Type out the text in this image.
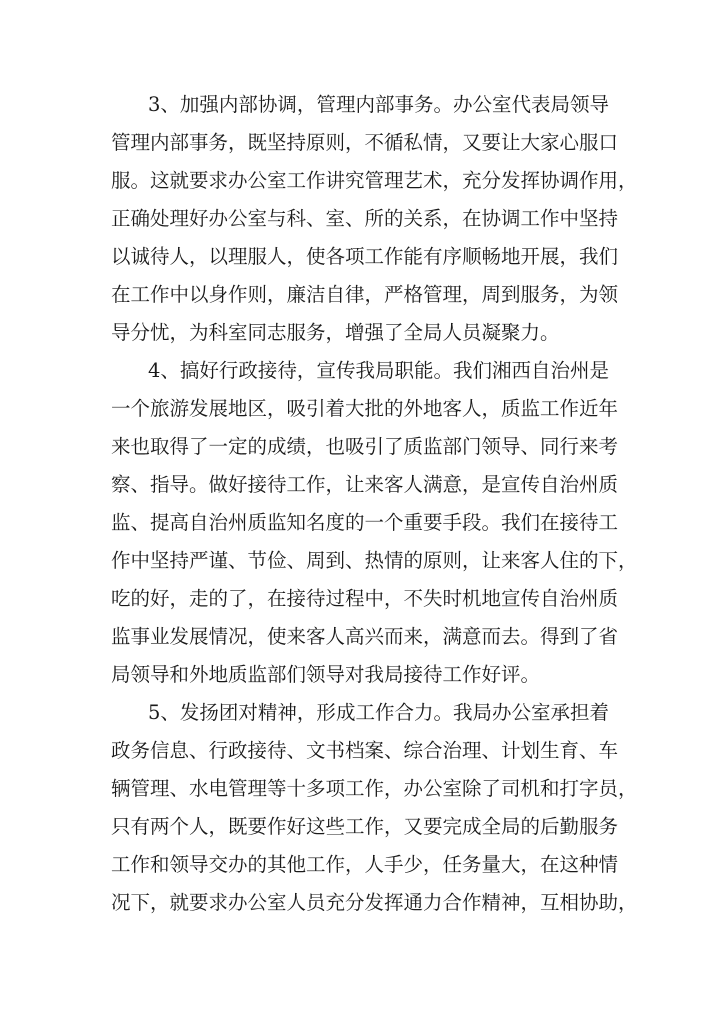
3、加强内部协调，管理内部事务。办公室代表局领导
管理内部事务，既坚持原则，不循私情，又要让大家心服口
服。这就要求办公室工作讲究管理艺术，充分发挥协调作用，
正确处理好办公室与科、室、所的关系，在协调工作中坚持
以诚待人，以理服人，使各项工作能有序顺畅地开展，我们
在工作中以身作则，廉洁自律，严格管理，周到服务，为领
导分忧，为科室同志服务，增强了全局人员凝聚力。
4、搞好行政接待，宣传我局职能。我们湘西自治州是
一个旅游发展地区，吸引着大批的外地客人，质监工作近年
来也取得了一定的成绩，也吸引了质监部门领导、同行来考
察、指导。做好接待工作，让来客人满意，是宣传自治州质
监、提高自治州质监知名度的一个重要手段。我们在接待工
作中坚持严谨、节俭、周到、热情的原则，让来客人住的下，
吃的好，走的了，在接待过程中，不失时机地宣传自治州质
监事业发展情况，使来客人高兴而来，满意而去。得到了省
局领导和外地质监部们领导对我局接待工作好评。
5、发扬团对精神，形成工作合力。我局办公室承担着
政务信息、行政接待、文书档案、综合治理、计划生育、车
辆管理、水电管理等十多项工作，办公室除了司机和打字员，
只有两个人，既要作好这些工作，又要完成全局的后勤服务
工作和领导交办的其他工作，人手少，任务量大，在这种情
况下，就要求办公室人员充分发挥通力合作精神，互相协助，
